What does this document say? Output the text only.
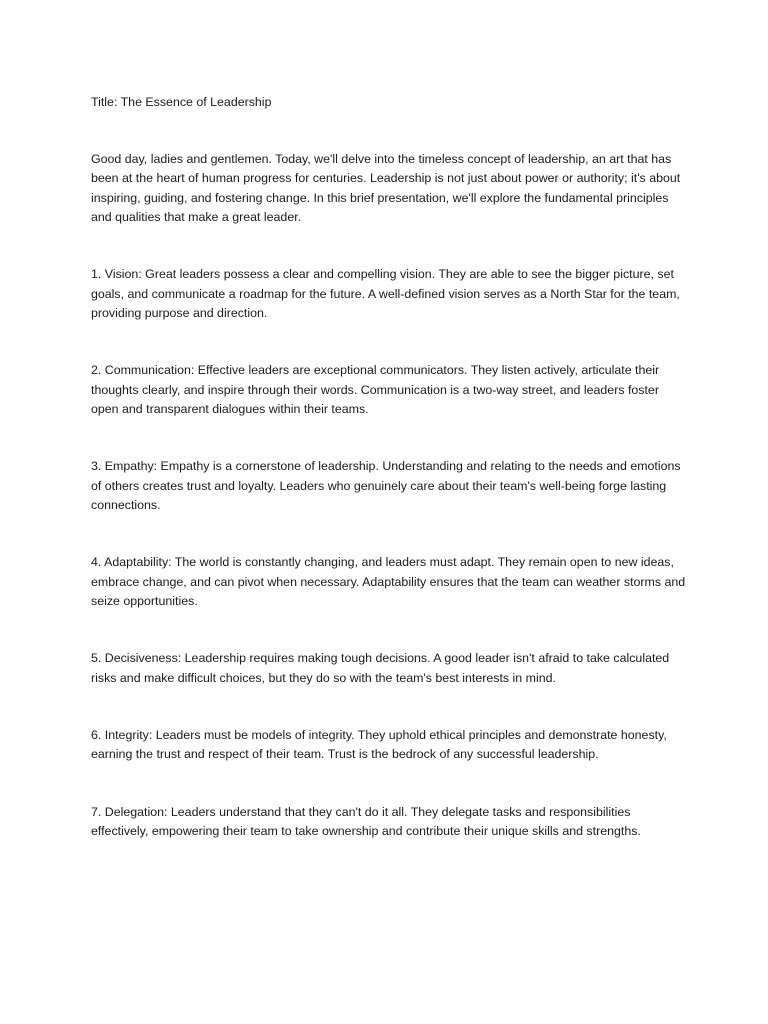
Title: The Essence of Leadership

Good day, ladies and gentlemen. Today, we'll delve into the timeless concept of leadership, an art that has been at the heart of human progress for centuries. Leadership is not just about power or authority; it's about inspiring, guiding, and fostering change. In this brief presentation, we'll explore the fundamental principles and qualities that make a great leader.

1. Vision: Great leaders possess a clear and compelling vision. They are able to see the bigger picture, set goals, and communicate a roadmap for the future. A well-defined vision serves as a North Star for the team, providing purpose and direction.

2. Communication: Effective leaders are exceptional communicators. They listen actively, articulate their thoughts clearly, and inspire through their words. Communication is a two-way street, and leaders foster open and transparent dialogues within their teams.

3. Empathy: Empathy is a cornerstone of leadership. Understanding and relating to the needs and emotions of others creates trust and loyalty. Leaders who genuinely care about their team's well-being forge lasting connections.

4. Adaptability: The world is constantly changing, and leaders must adapt. They remain open to new ideas, embrace change, and can pivot when necessary. Adaptability ensures that the team can weather storms and seize opportunities.

5. Decisiveness: Leadership requires making tough decisions. A good leader isn't afraid to take calculated risks and make difficult choices, but they do so with the team's best interests in mind.

6. Integrity: Leaders must be models of integrity. They uphold ethical principles and demonstrate honesty, earning the trust and respect of their team. Trust is the bedrock of any successful leadership.

7. Delegation: Leaders understand that they can't do it all. They delegate tasks and responsibilities effectively, empowering their team to take ownership and contribute their unique skills and strengths.
